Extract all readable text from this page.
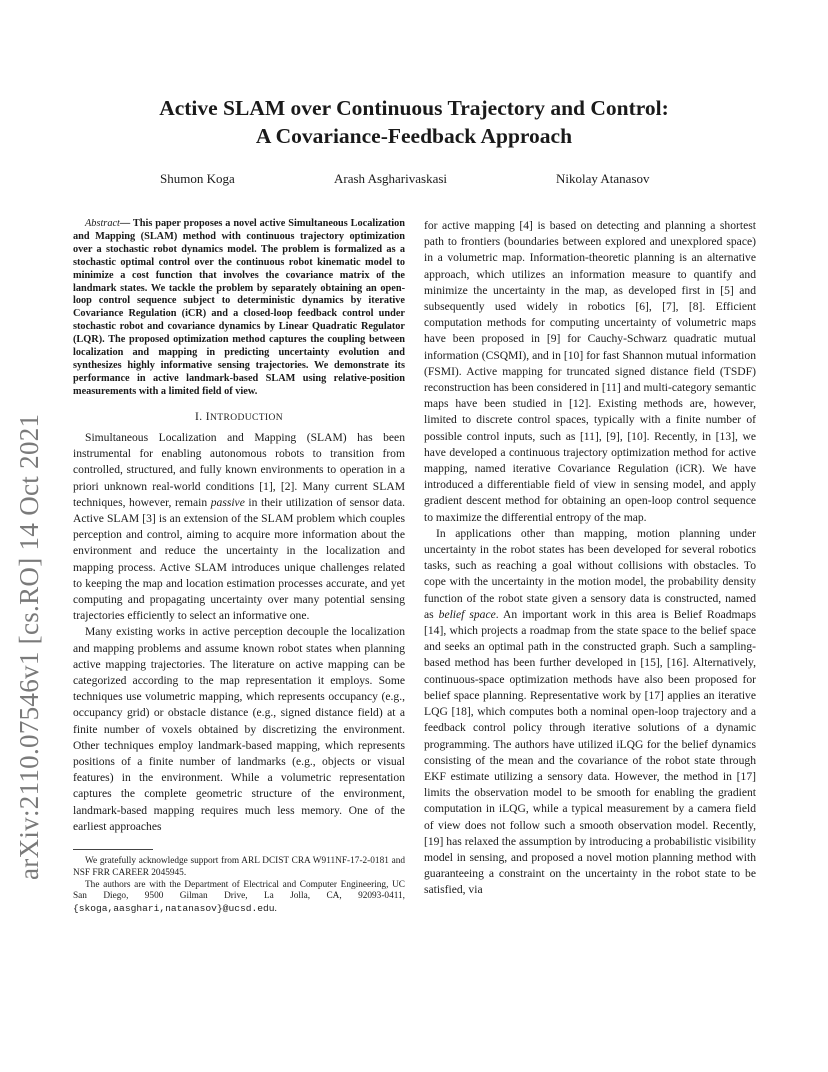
arXiv:2110.07546v1 [cs.RO] 14 Oct 2021
Active SLAM over Continuous Trajectory and Control:
A Covariance-Feedback Approach
Shumon Koga	Arash Asgharivaskasi	Nikolay Atanasov

Abstract— This paper proposes a novel active Simultaneous Localization and Mapping (SLAM) method with continuous trajectory optimization over a stochastic robot dynamics model. The problem is formalized as a stochastic optimal control over the continuous robot kinematic model to minimize a cost function that involves the covariance matrix of the landmark states. We tackle the problem by separately obtaining an open-loop control sequence subject to deterministic dynamics by iterative Covariance Regulation (iCR) and a closed-loop feedback control under stochastic robot and covariance dynamics by Linear Quadratic Regulator (LQR). The proposed optimization method captures the coupling between localization and mapping in predicting uncertainty evolution and synthesizes highly informative sensing trajectories. We demonstrate its performance in active landmark-based SLAM using relative-position measurements with a limited field of view.

I. INTRODUCTION

Simultaneous Localization and Mapping (SLAM) has been instrumental for enabling autonomous robots to transition from controlled, structured, and fully known environments to operation in a priori unknown real-world conditions [1], [2]. Many current SLAM techniques, however, remain passive in their utilization of sensor data. Active SLAM [3] is an extension of the SLAM problem which couples perception and control, aiming to acquire more information about the environment and reduce the uncertainty in the localization and mapping process. Active SLAM introduces unique challenges related to keeping the map and location estimation processes accurate, and yet computing and propagating uncertainty over many potential sensing trajectories efficiently to select an informative one.

Many existing works in active perception decouple the localization and mapping problems and assume known robot states when planning active mapping trajectories. The literature on active mapping can be categorized according to the map representation it employs. Some techniques use volumetric mapping, which represents occupancy (e.g., occupancy grid) or obstacle distance (e.g., signed distance field) at a finite number of voxels obtained by discretizing the environment. Other techniques employ landmark-based mapping, which represents positions of a finite number of landmarks (e.g., objects or visual features) in the environment. While a volumetric representation captures the complete geometric structure of the environment, landmark-based mapping requires much less memory. One of the earliest approaches

We gratefully acknowledge support from ARL DCIST CRA W911NF-17-2-0181 and NSF FRR CAREER 2045945.

The authors are with the Department of Electrical and Computer Engineering, UC San Diego, 9500 Gilman Drive, La Jolla, CA, 92093-0411, {skoga,aasghari,natanasov}@ucsd.edu.

for active mapping [4] is based on detecting and planning a shortest path to frontiers (boundaries between explored and unexplored space) in a volumetric map. Information-theoretic planning is an alternative approach, which utilizes an information measure to quantify and minimize the uncertainty in the map, as developed first in [5] and subsequently used widely in robotics [6], [7], [8]. Efficient computation methods for computing uncertainty of volumetric maps have been proposed in [9] for Cauchy-Schwarz quadratic mutual information (CSQMI), and in [10] for fast Shannon mutual information (FSMI). Active mapping for truncated signed distance field (TSDF) reconstruction has been considered in [11] and multi-category semantic maps have been studied in [12]. Existing methods are, however, limited to discrete control spaces, typically with a finite number of possible control inputs, such as [11], [9], [10]. Recently, in [13], we have developed a continuous trajectory optimization method for active mapping, named iterative Covariance Regulation (iCR). We have introduced a differentiable field of view in sensing model, and apply gradient descent method for obtaining an open-loop control sequence to maximize the differential entropy of the map.

In applications other than mapping, motion planning under uncertainty in the robot states has been developed for several robotics tasks, such as reaching a goal without collisions with obstacles. To cope with the uncertainty in the motion model, the probability density function of the robot state given a sensory data is constructed, named as belief space. An important work in this area is Belief Roadmaps [14], which projects a roadmap from the state space to the belief space and seeks an optimal path in the constructed graph. Such a sampling-based method has been further developed in [15], [16]. Alternatively, continuous-space optimization methods have also been proposed for belief space planning. Representative work by [17] applies an iterative LQG [18], which computes both a nominal open-loop trajectory and a feedback control policy through iterative solutions of a dynamic programming. The authors have utilized iLQG for the belief dynamics consisting of the mean and the covariance of the robot state through EKF estimate utilizing a sensory data. However, the method in [17] limits the observation model to be smooth for enabling the gradient computation in iLQG, while a typical measurement by a camera field of view does not follow such a smooth observation model. Recently, [19] has relaxed the assumption by introducing a probabilistic visibility model in sensing, and proposed a novel motion planning method with guaranteeing a constraint on the uncertainty in the robot state to be satisfied, via
